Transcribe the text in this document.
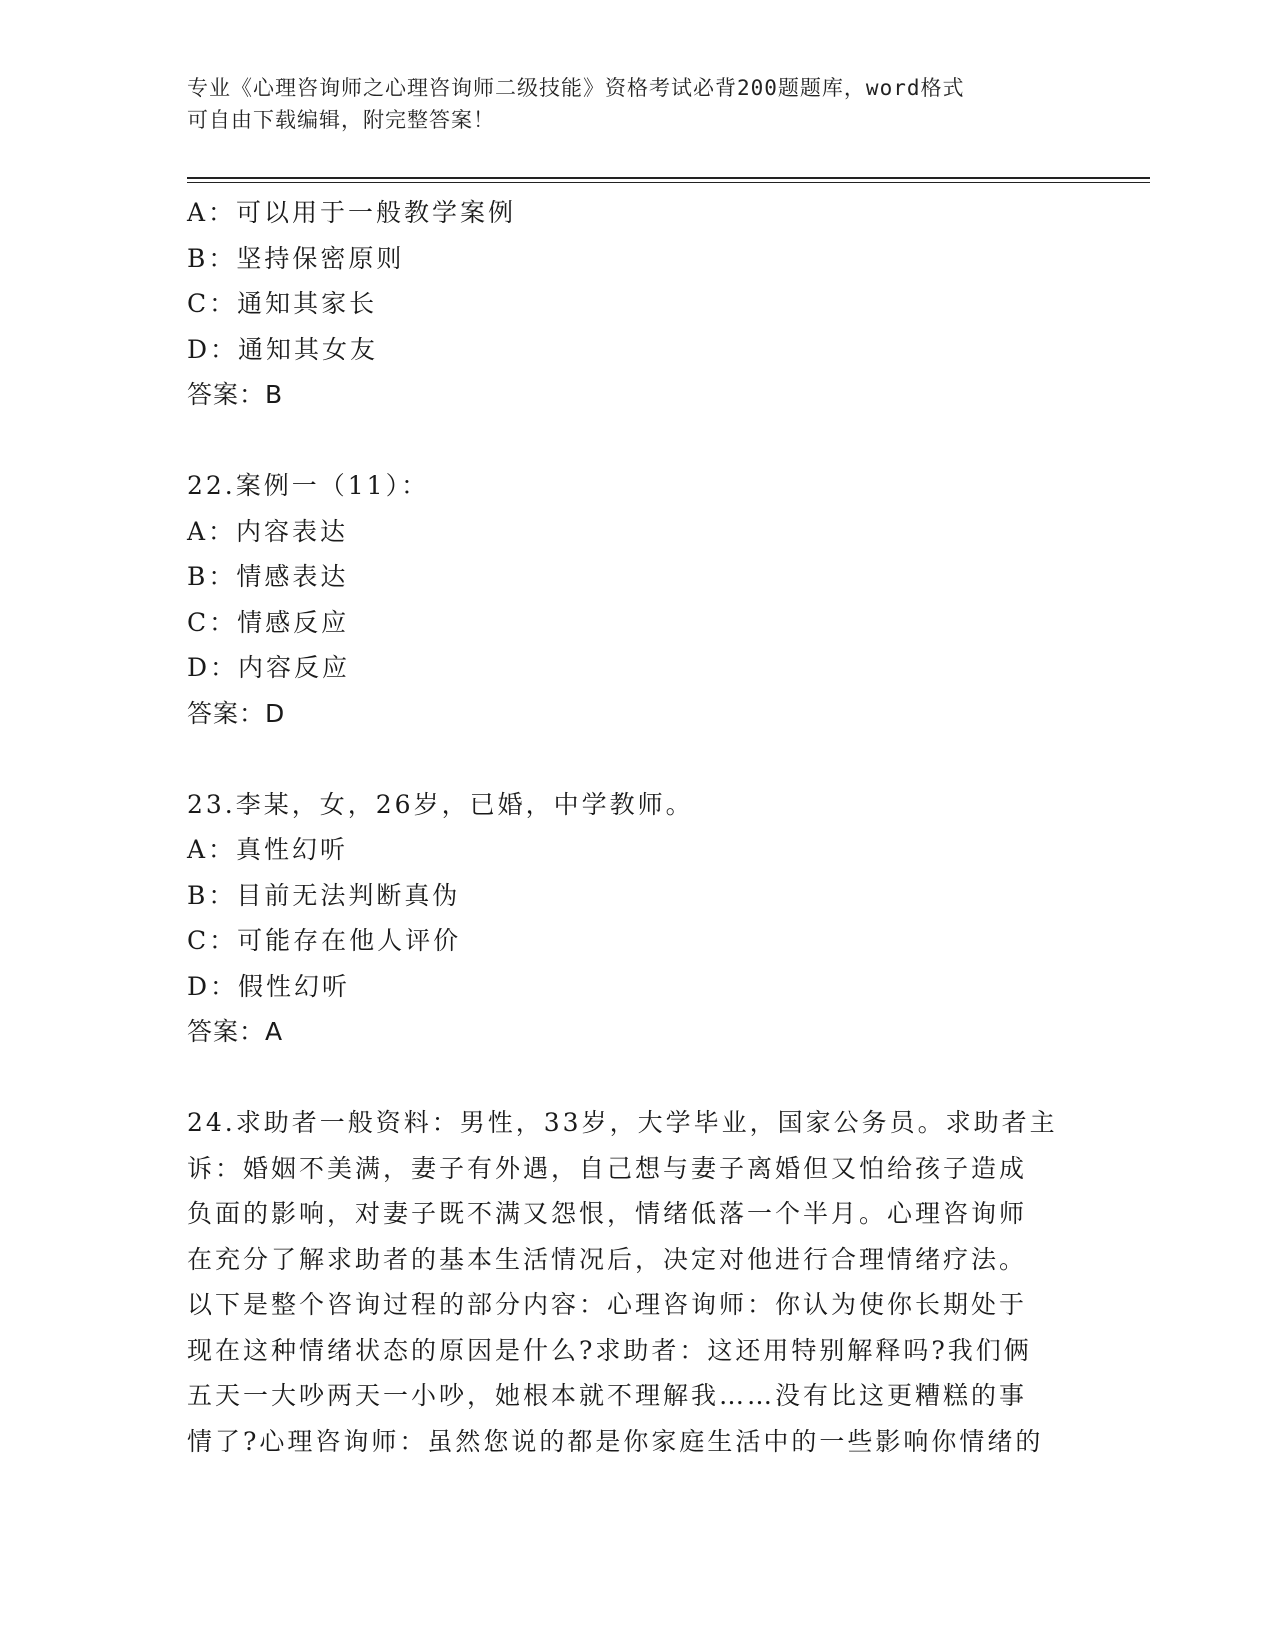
专业《心理咨询师之心理咨询师二级技能》资格考试必背200题题库，word格式
可自由下载编辑，附完整答案！
A：可以用于一般教学案例
B：坚持保密原则
C：通知其家长
D：通知其女友
答案：B
22.案例一（11）：
A：内容表达
B：情感表达
C：情感反应
D：内容反应
答案：D
23.李某，女，26岁，已婚，中学教师。
A：真性幻听
B：目前无法判断真伪
C：可能存在他人评价
D：假性幻听
答案：A
24.求助者一般资料：男性，33岁，大学毕业，国家公务员。求助者主
诉：婚姻不美满，妻子有外遇，自己想与妻子离婚但又怕给孩子造成
负面的影响，对妻子既不满又怨恨，情绪低落一个半月。心理咨询师
在充分了解求助者的基本生活情况后，决定对他进行合理情绪疗法。
以下是整个咨询过程的部分内容：心理咨询师：你认为使你长期处于
现在这种情绪状态的原因是什么?求助者：这还用特别解释吗?我们俩
五天一大吵两天一小吵，她根本就不理解我……没有比这更糟糕的事
情了?心理咨询师：虽然您说的都是你家庭生活中的一些影响你情绪的
